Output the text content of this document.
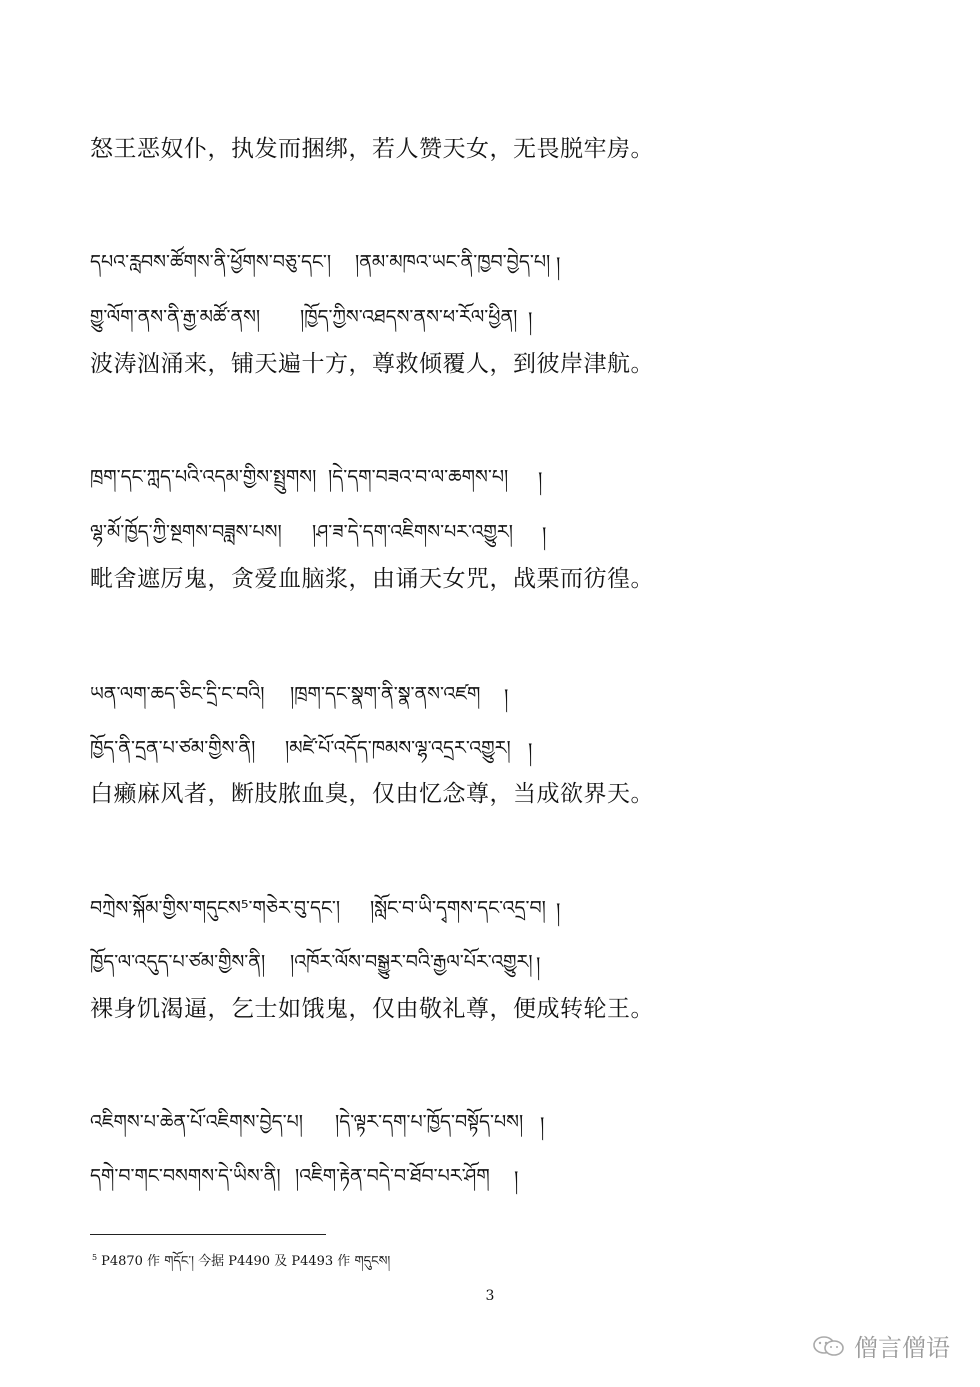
怒王恶奴仆，执发而捆绑，若人赞天女，无畏脱牢房。
དཔའ་རླབས་ཚོགས་ནི་ཕྱོགས་བཅུ་དང་། །ནམ་མཁའ་ཡང་ནི་ཁྱབ་བྱེད་པ། །
གྱུ་ལོག་ནས་ནི་རྒྱ་མཚོ་ནས། །ཁྱོད་ཀྱིས་འཐདས་ནས་ཕ་རོལ་ཕྱིན། །
波涛汹涌来，铺天遍十方，尊救倾覆人，到彼岸津航。
ཁྲག་དང་ཀླད་པའི་འདམ་གྱིས་སྤྲུགས། །དེ་དག་བཟའ་བ་ལ་ཆགས་པ། །
ལྷ་མོ་ཁྱོད་ཀྱི་སྔགས་བཟླས་པས། །ཤ་ཟ་དེ་དག་འཇིགས་པར་འགྱུར། །
毗舍遮厉鬼，贪爱血脑浆，由诵天女咒，战栗而彷徨。
ཡན་ལག་ཆད་ཅིང་དྲི་ང་བའི། །ཁྲག་དང་སྣག་ནི་སྣ་ནས་འཛག །
ཁྱོད་ནི་དྲན་པ་ཙམ་གྱིས་ནི། །མཛེ་པོ་འདོད་ཁམས་ལྷ་འདྲར་འགྱུར། །
白癞麻风者，断肢脓血臭，仅由忆念尊，当成欲界天。
བཀྲེས་སྐོམ་གྱིས་གདུངས⁵་གཅེར་བུ་དང་། །སློང་བ་ཡི་དྭགས་དང་འདྲ་བ། །
ཁྱོད་ལ་འདུད་པ་ཙམ་གྱིས་ནི། །འཁོར་ལོས་བསྒྱུར་བའི་རྒྱལ་པོར་འགྱུར། །
裸身饥渴逼，乞士如饿鬼，仅由敬礼尊，便成转轮王。
འཇིགས་པ་ཆེན་པོ་འཇིགས་བྱེད་པ། །དེ་ལྟར་དག་པ་ཁྱོད་བསྟོད་པས། །
དགེ་བ་གང་བསགས་དེ་ཡིས་ནི། །འཇིག་རྟེན་བདེ་བ་ཐོབ་པར་ཤོག །
$^5$ P4870 作 གདོང་། 今据 P4490 及 P4493 作 གདུངས།
3
僧言僧语
